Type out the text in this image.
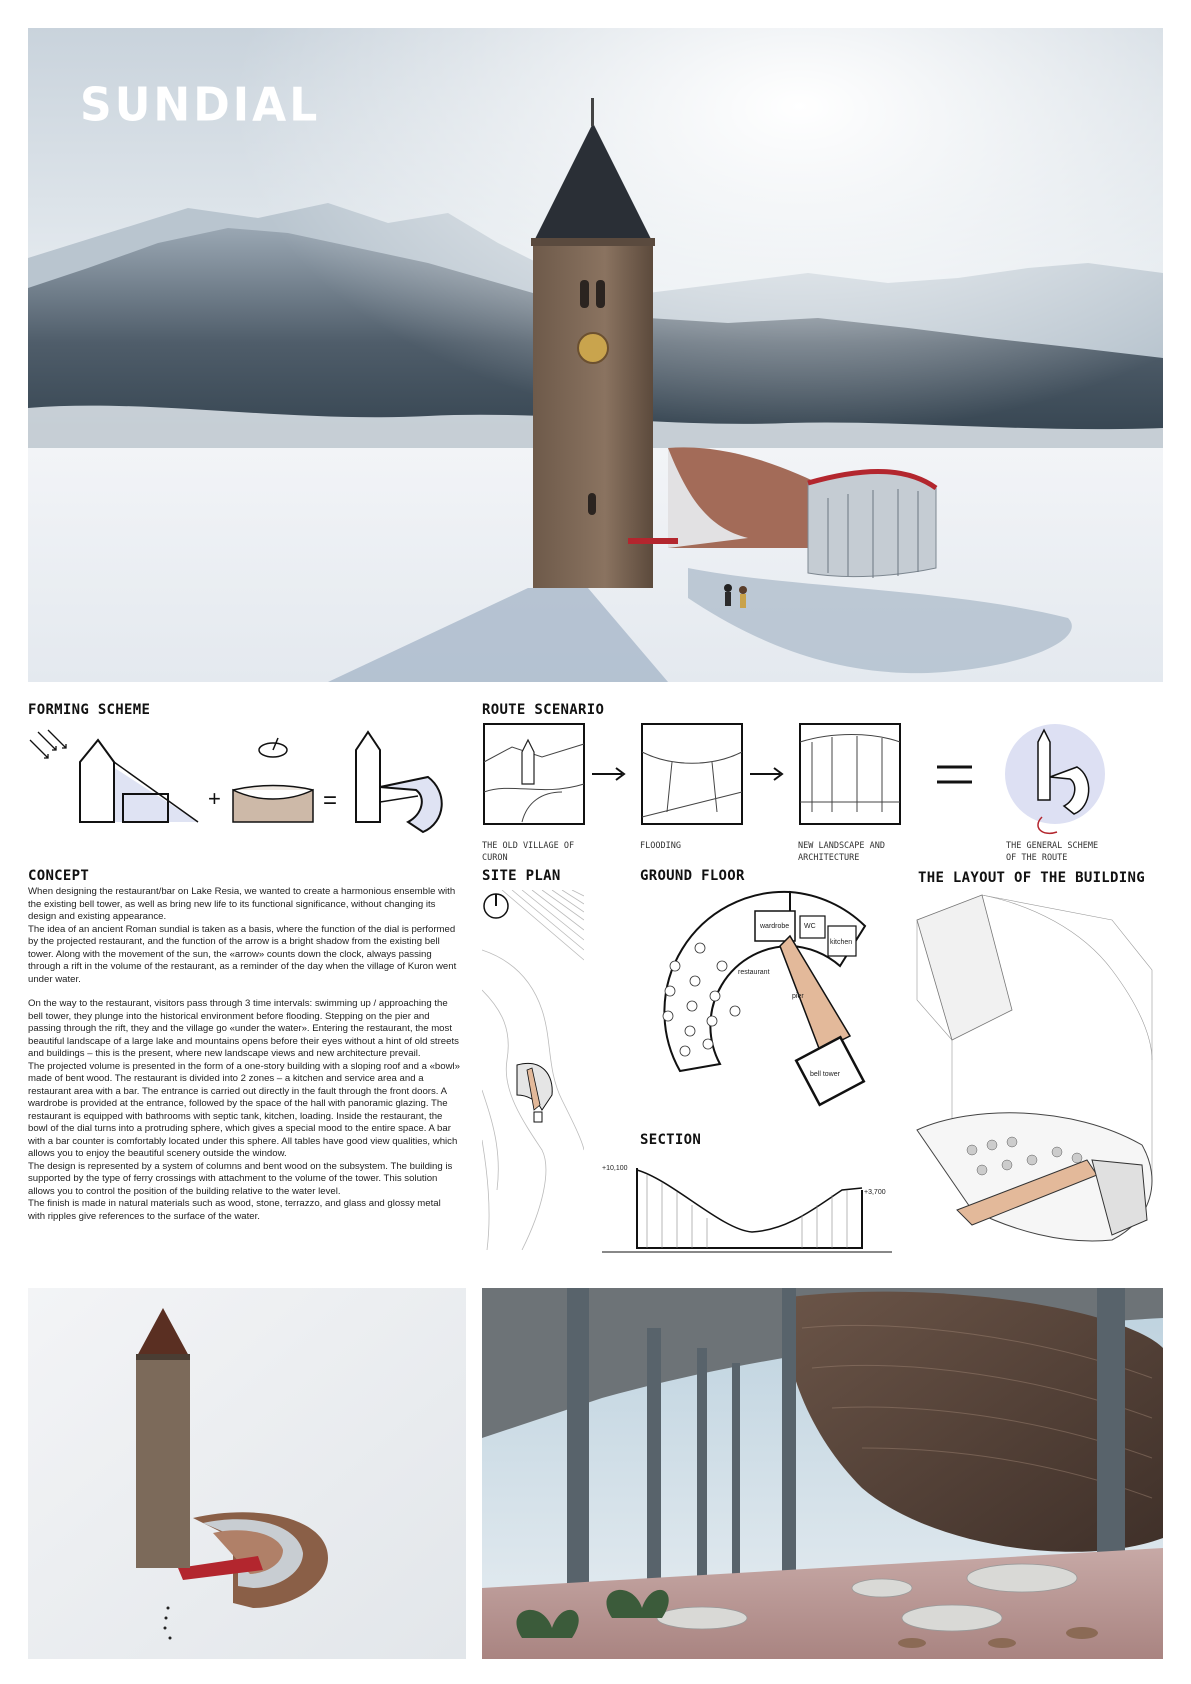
SUNDIAL
FORMING SCHEME
+	=
ROUTE SCENARIO
THE OLD VILLAGE OF CURON
FLOODING	NEW LANDSCAPE AND ARCHITECTURE
THE GENERAL SCHEME OF THE ROUTE
CONCEPT

When designing the restaurant/bar on Lake Resia, we wanted to create a harmonious ensemble with the existing bell tower, as well as bring new life to its functional significance, without changing its design and existing appearance.

The idea of an ancient Roman sundial is taken as a basis, where the function of the dial is performed by the projected restaurant, and the function of the arrow is a bright shadow from the existing bell tower. Along with the movement of the sun, the «arrow» counts down the clock, always passing through a rift in the volume of the restaurant, as a reminder of the day when the village of Kuron went under water.

On the way to the restaurant, visitors pass through 3 time intervals: swimming up / approaching the bell tower, they plunge into the historical environment before flooding. Stepping on the pier and passing through the rift, they and the village go «under the water». Entering the restaurant, the most beautiful landscape of a large lake and mountains opens before their eyes without a hint of old streets and buildings – this is the present, where new landscape views and new architecture prevail.

The projected volume is presented in the form of a one-story building with a sloping roof and a «bowl» made of bent wood. The restaurant is divided into 2 zones – a kitchen and service area and a restaurant area with a bar. The entrance is carried out directly in the fault through the front doors. A wardrobe is provided at the entrance, followed by the space of the hall with panoramic glazing. The restaurant is equipped with bathrooms with septic tank, kitchen, loading. Inside the restaurant, the bowl of the dial turns into a protruding sphere, which gives a special mood to the entire space. A bar with a bar counter is comfortably located under this sphere. All tables have good view qualities, which allows you to enjoy the beautiful scenery outside the window.

The design is represented by a system of columns and bent wood on the subsystem. The building is supported by the type of ferry crossings with attachment to the volume of the tower. This solution allows you to control the position of the building relative to the water level.

The finish is made in natural materials such as wood, stone, terrazzo, and glass and glossy metal with ripples give references to the surface of the water.

SITE PLAN	GROUND FLOOR
wardrobe WC
kitchen
restaurant
pier
bell tower
SECTION
+10,100
+3,700
THE LAYOUT OF THE BUILDING
